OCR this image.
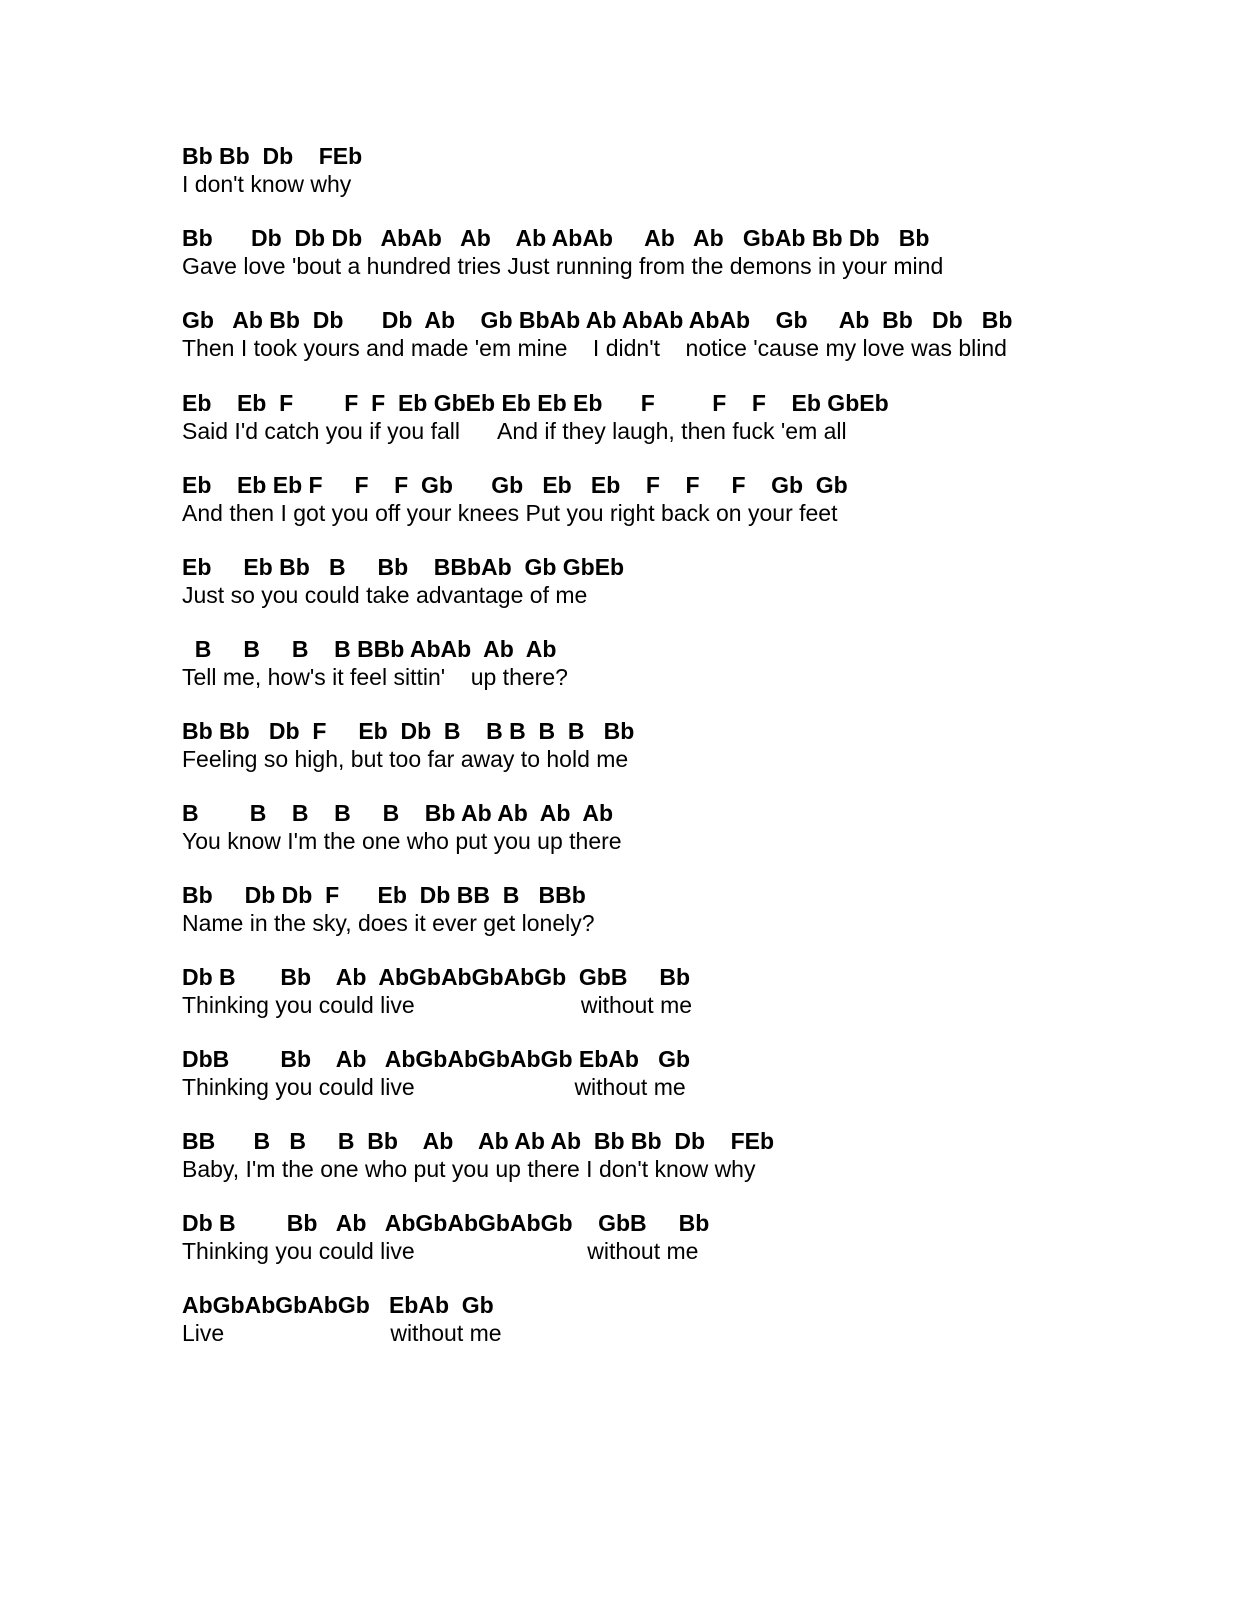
Bb Bb  Db    FEb
I don't know why
Bb      Db  Db Db   AbAb   Ab    Ab AbAb     Ab   Ab   GbAb Bb Db   Bb
Gave love 'bout a hundred tries Just running from the demons in your mind
Gb   Ab Bb  Db      Db  Ab    Gb BbAb Ab AbAb AbAb    Gb     Ab  Bb   Db   Bb
Then I took yours and made 'em mine    I didn't    notice 'cause my love was blind
Eb    Eb  F        F  F  Eb GbEb Eb Eb Eb      F         F    F    Eb GbEb
Said I'd catch you if you fall      And if they laugh, then fuck 'em all
Eb    Eb Eb F     F    F  Gb      Gb   Eb   Eb    F    F     F    Gb  Gb
And then I got you off your knees Put you right back on your feet
Eb     Eb Bb   B     Bb    BBbAb  Gb GbEb
Just so you could take advantage of me
B     B     B    B BBb AbAb  Ab  Ab
Tell me, how's it feel sittin'    up there?
Bb Bb   Db  F     Eb  Db  B    B B  B  B   Bb
Feeling so high, but too far away to hold me
B        B    B    B     B    Bb Ab Ab  Ab  Ab
You know I'm the one who put you up there
Bb     Db Db  F      Eb  Db BB  B   BBb
Name in the sky, does it ever get lonely?
Db B       Bb    Ab  AbGbAbGbAbGb  GbB     Bb
Thinking you could live                          without me
DbB        Bb    Ab   AbGbAbGbAbGb EbAb   Gb
Thinking you could live                         without me
BB      B   B     B  Bb    Ab    Ab Ab Ab  Bb Bb  Db    FEb
Baby, I'm the one who put you up there I don't know why
Db B        Bb   Ab   AbGbAbGbAbGb    GbB     Bb
Thinking you could live                           without me
AbGbAbGbAbGb   EbAb  Gb
Live                          without me
